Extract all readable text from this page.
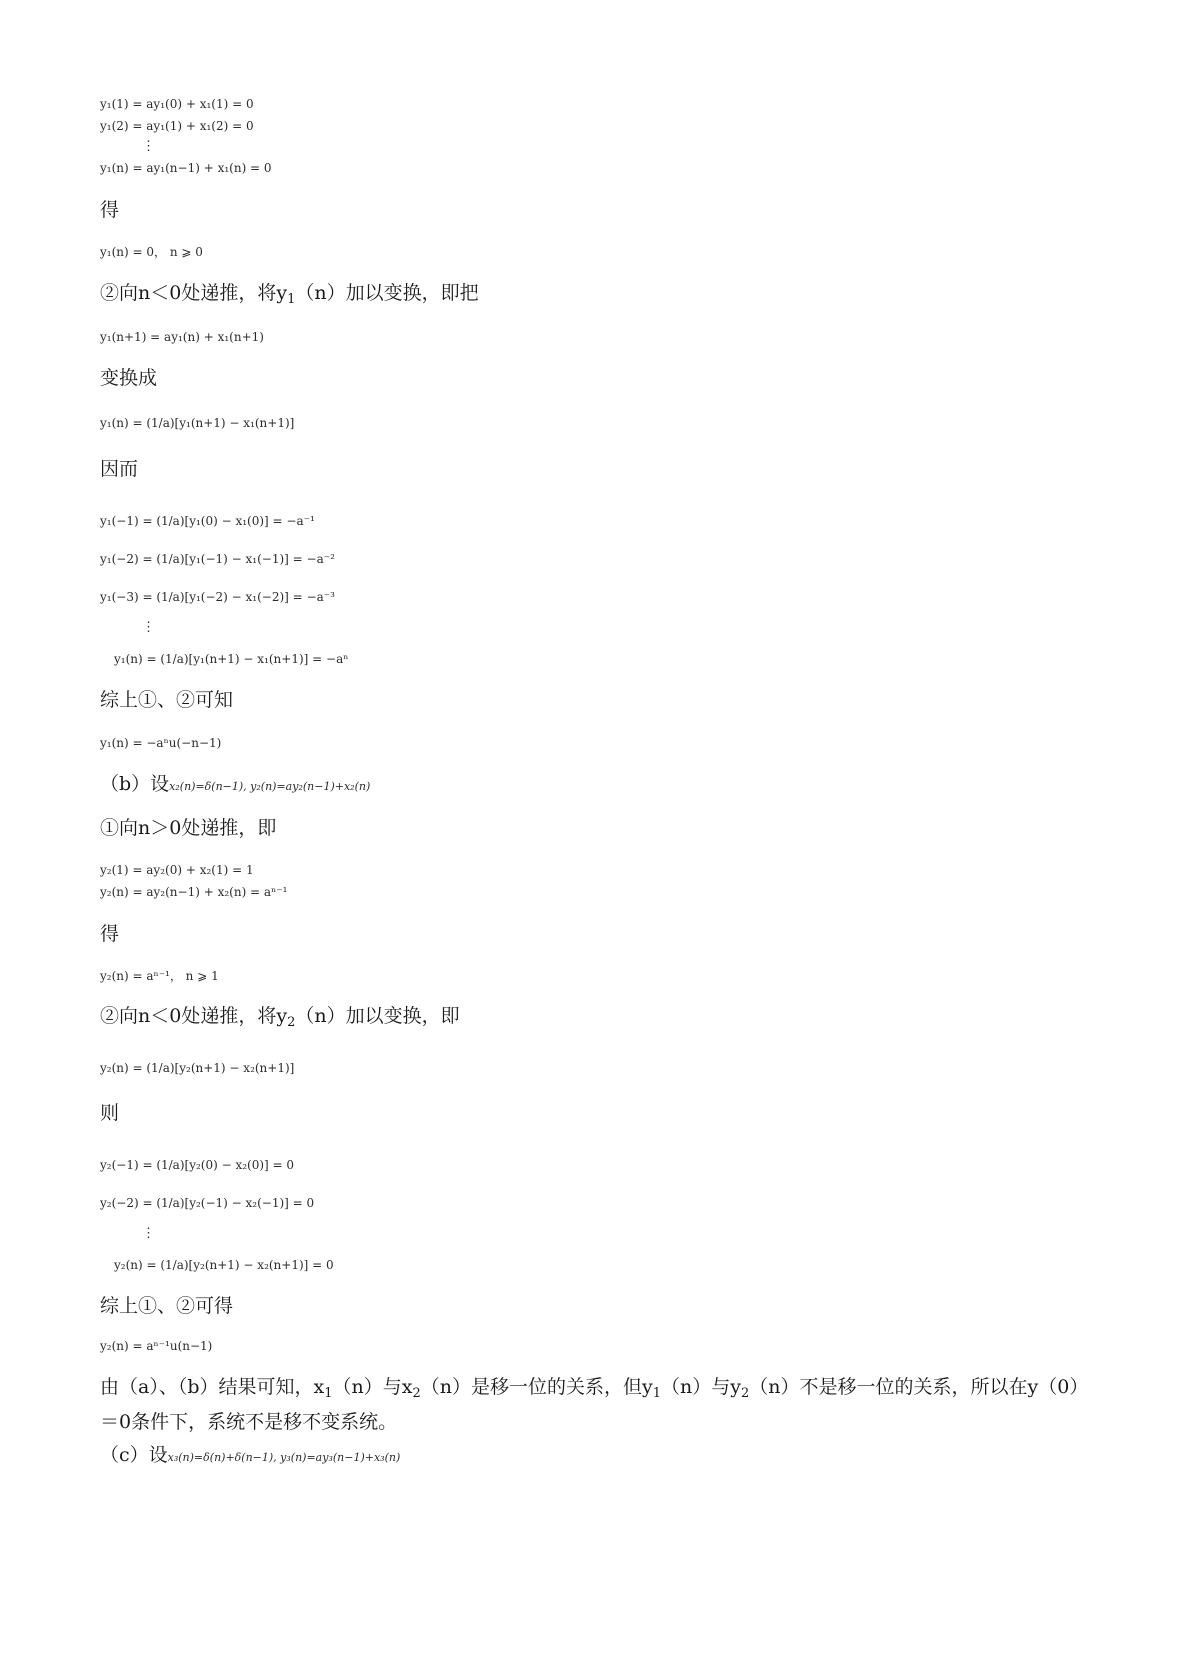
y₁(1) = ay₁(0) + x₁(1) = 0
y₁(2) = ay₁(1) + x₁(2) = 0
⋮
y₁(n) = ay₁(n−1) + x₁(n) = 0

得

y₁(n) = 0， n ⩾ 0

②向n＜0处递推，将$y_1(n)$加以变换，即把

y₁(n+1) = ay₁(n) + x₁(n+1)

变换成

y₁(n) = (1/a)[y₁(n+1) − x₁(n+1)]

因而

y₁(−1) = (1/a)[y₁(0) − x₁(0)] = −a⁻¹
y₁(−2) = (1/a)[y₁(−1) − x₁(−1)] = −a⁻²
y₁(−3) = (1/a)[y₁(−2) − x₁(−2)] = −a⁻³
⋮
y₁(n) = (1/a)[y₁(n+1) − x₁(n+1)] = −aⁿ

综上①、②可知

y₁(n) = −aⁿu(−n−1)

（b）设x₂(n)=δ(n−1), y₂(n)=ay₂(n−1)+x₂(n)

①向n＞0处递推，即

y₂(1) = ay₂(0) + x₂(1) = 1
y₂(n) = ay₂(n−1) + x₂(n) = aⁿ⁻¹

得

y₂(n) = aⁿ⁻¹， n ⩾ 1

②向n＜0处递推，将$y_2(n)$加以变换，即

y₂(n) = (1/a)[y₂(n+1) − x₂(n+1)]

则

y₂(−1) = (1/a)[y₂(0) − x₂(0)] = 0
y₂(−2) = (1/a)[y₂(−1) − x₂(−1)] = 0
⋮
y₂(n) = (1/a)[y₂(n+1) − x₂(n+1)] = 0

综上①、②可得

y₂(n) = aⁿ⁻¹u(n−1)

由（a）、（b）结果可知，$x_1(n)$与$x_2(n)$是移一位的关系，但$y_1(n)$与$y_2(n)$不是移一位的关系，所以在y（0）＝0条件下，系统不是移不变系统。

（c）设x₃(n)=δ(n)+δ(n−1), y₃(n)=ay₃(n−1)+x₃(n)
